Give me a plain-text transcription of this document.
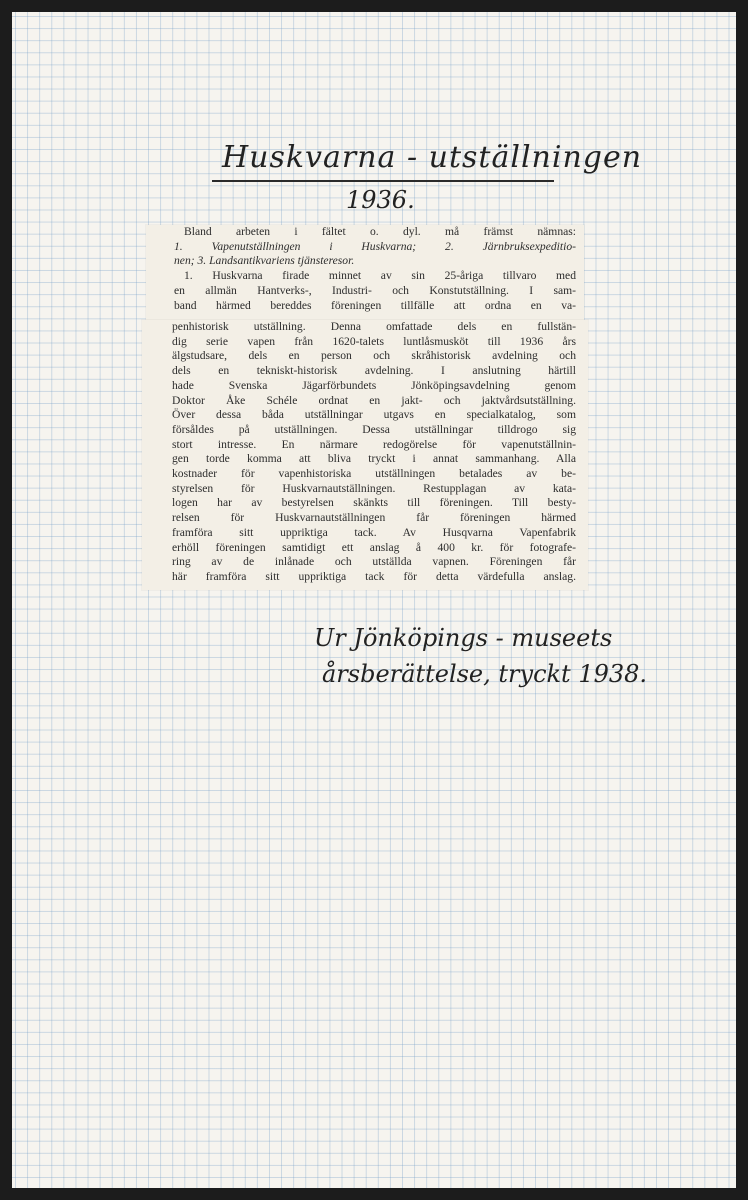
Huskvarna - utställningen
1936.

Bland arbeten i fältet o. dyl. må främst nämnas:

1. Vapenutställningen i Huskvarna; 2. Järnbruksexpeditio-

nen; 3. Landsantikvariens tjänsteresor.

1. Huskvarna firade minnet av sin 25-åriga tillvaro med

en allmän Hantverks-, Industri- och Konstutställning. I sam-

band härmed bereddes föreningen tillfälle att ordna en va-

penhistorisk utställning. Denna omfattade dels en fullstän-

dig serie vapen från 1620-talets luntlåsmusköt till 1936 års

älgstudsare, dels en person och skråhistorisk avdelning och

dels en tekniskt-historisk avdelning. I anslutning härtill

hade Svenska Jägarförbundets Jönköpingsavdelning genom

Doktor Åke Schéle ordnat en jakt- och jaktvårdsutställning.

Över dessa båda utställningar utgavs en specialkatalog, som

försåldes på utställningen. Dessa utställningar tilldrogo sig

stort intresse. En närmare redogörelse för vapenutställnin-

gen torde komma att bliva tryckt i annat sammanhang. Alla

kostnader för vapenhistoriska utställningen betalades av be-

styrelsen för Huskvarnautställningen. Restupplagan av kata-

logen har av bestyrelsen skänkts till föreningen. Till besty-

relsen för Huskvarnautställningen får föreningen härmed

framföra sitt uppriktiga tack. Av Husqvarna Vapenfabrik

erhöll föreningen samtidigt ett anslag å 400 kr. för fotografe-

ring av de inlånade och utställda vapnen. Föreningen får

här framföra sitt uppriktiga tack för detta värdefulla anslag.

Ur Jönköpings - museets
årsberättelse, tryckt 1938.
